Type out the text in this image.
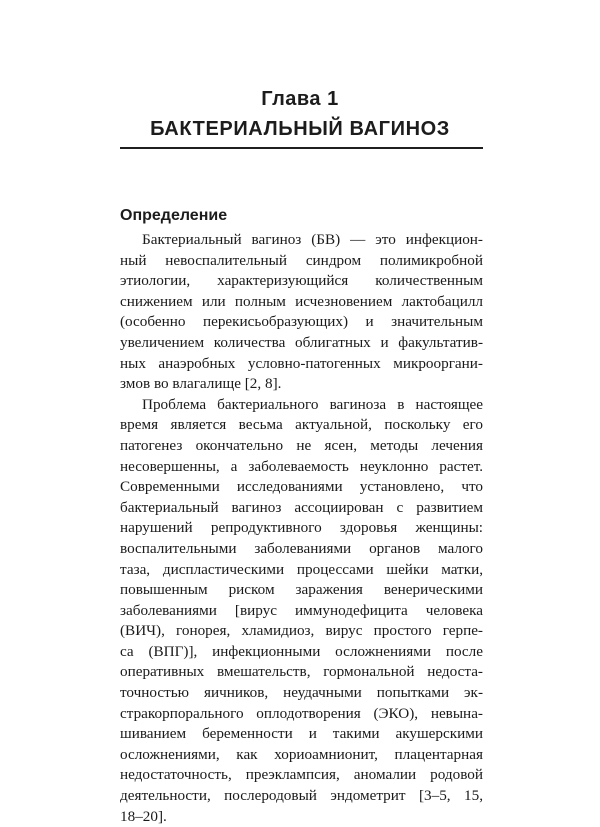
Глава 1
БАКТЕРИАЛЬНЫЙ ВАГИНОЗ
Определение
Бактериальный вагиноз (БВ) — это инфекцион-
ный невоспалительный синдром полимикробной
этиологии, характеризующийся количественным
снижением или полным исчезновением лактобацилл
(особенно перекисьобразующих) и значительным
увеличением количества облигатных и факультатив-
ных анаэробных условно-патогенных микрооргани-
змов во влагалище [2, 8].
Проблема бактериального вагиноза в настоящее
время является весьма актуальной, поскольку его
патогенез окончательно не ясен, методы лечения
несовершенны, а заболеваемость неуклонно растет.
Современными исследованиями установлено, что
бактериальный вагиноз ассоциирован с развитием
нарушений репродуктивного здоровья женщины:
воспалительными заболеваниями органов малого
таза, диспластическими процессами шейки матки,
повышенным риском заражения венерическими
заболеваниями [вирус иммунодефицита человека
(ВИЧ), гонорея, хламидиоз, вирус простого герпе-
са (ВПГ)], инфекционными осложнениями после
оперативных вмешательств, гормональной недоста-
точностью яичников, неудачными попытками эк-
стракорпорального оплодотворения (ЭКО), невына-
шиванием беременности и такими акушерскими
осложнениями, как хориоамнионит, плацентарная
недостаточность, преэклампсия, аномалии родовой
деятельности, послеродовый эндометрит [3–5, 15,
18–20].
